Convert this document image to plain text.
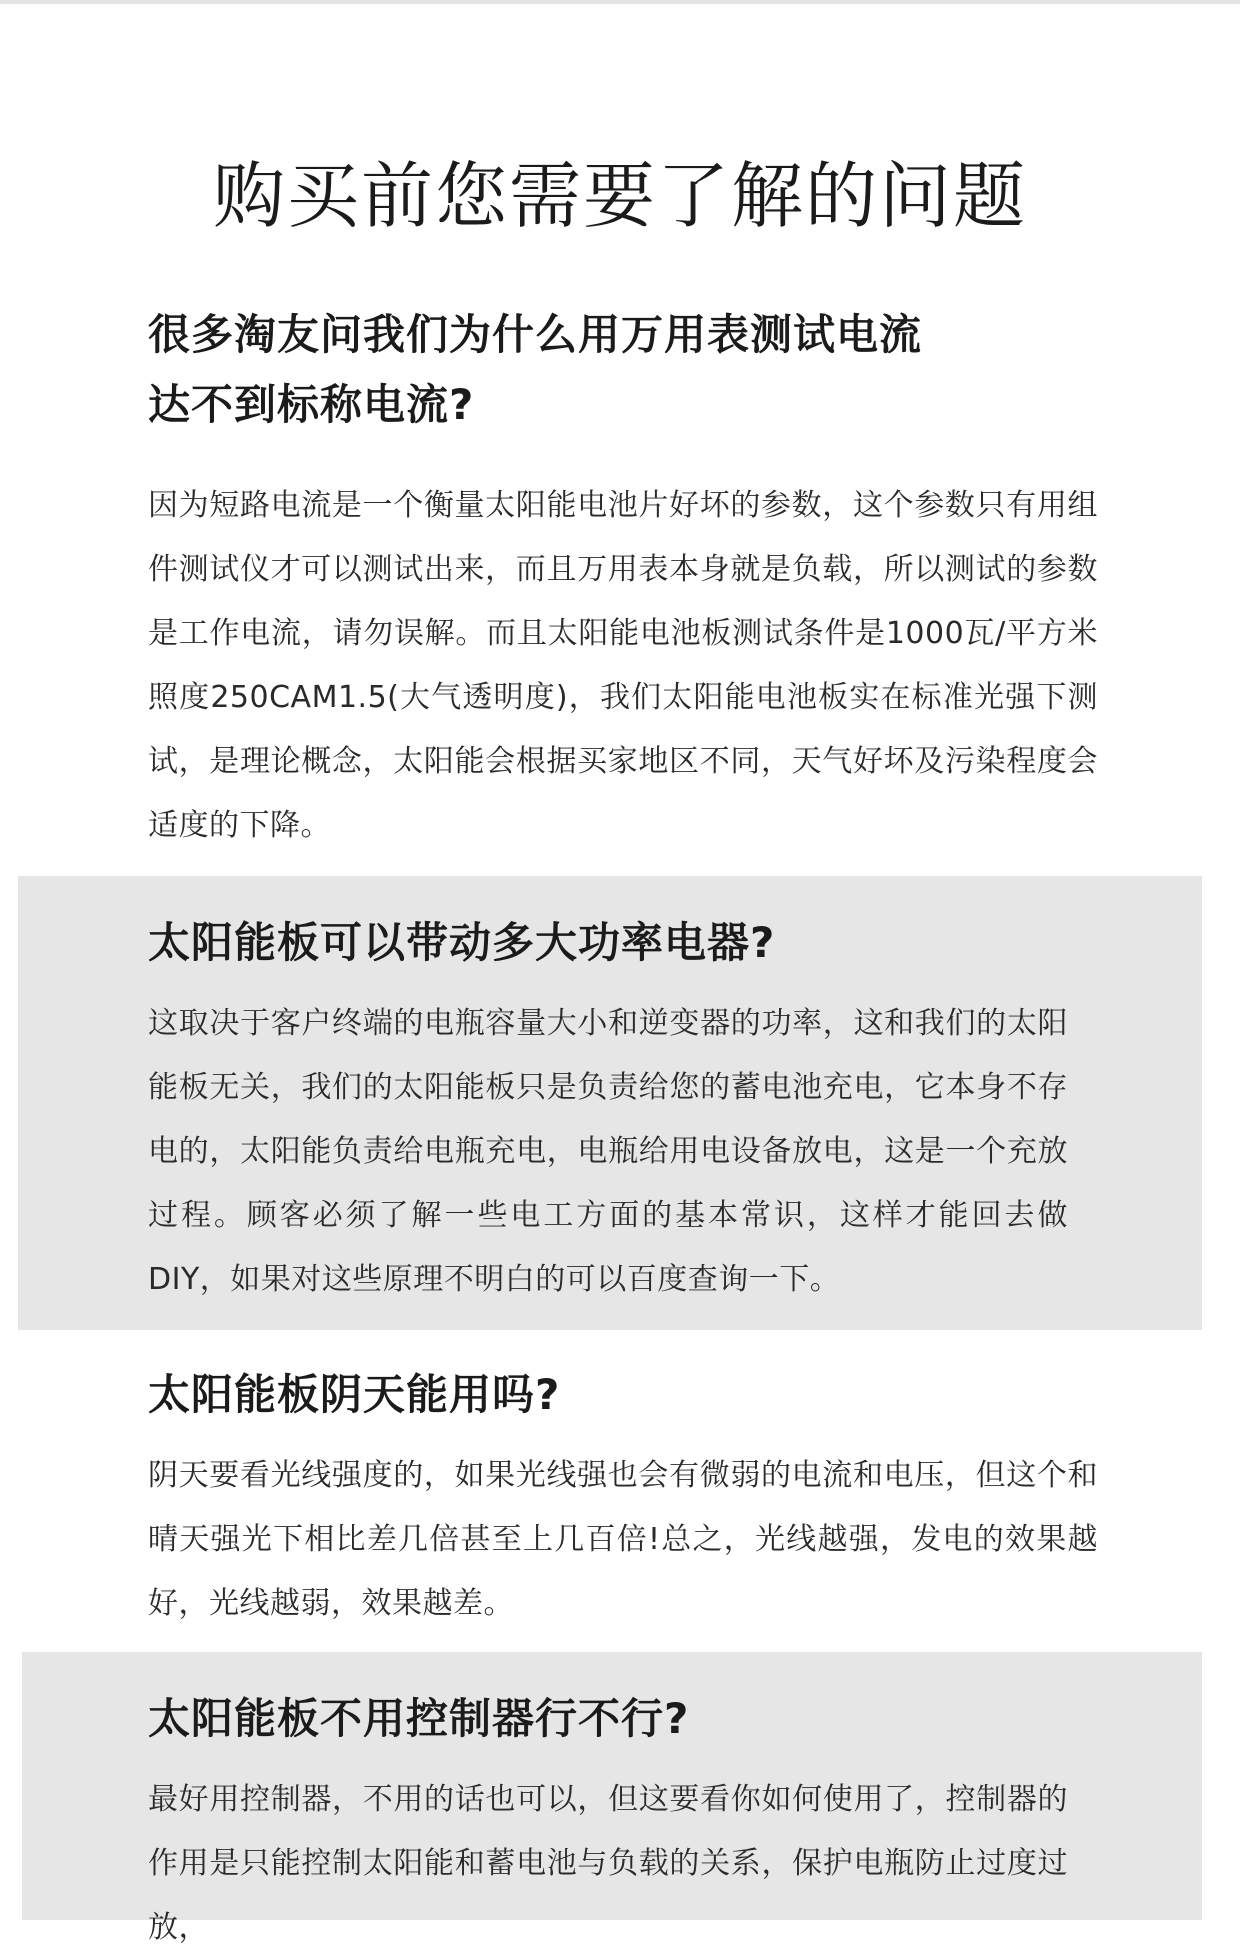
购买前您需要了解的问题
很多淘友问我们为什么用万用表测试电流
达不到标称电流?

因为短路电流是一个衡量太阳能电池片好坏的参数，这个参数只有用组件测试仪才可以测试出来，而且万用表本身就是负载，所以测试的参数是工作电流，请勿误解。而且太阳能电池板测试条件是1000瓦/平方米照度250CAM1.5(大气透明度)，我们太阳能电池板实在标准光强下测试，是理论概念，太阳能会根据买家地区不同，天气好坏及污染程度会适度的下降。

太阳能板可以带动多大功率电器?

这取决于客户终端的电瓶容量大小和逆变器的功率，这和我们的太阳能板无关，我们的太阳能板只是负责给您的蓄电池充电，它本身不存电的，太阳能负责给电瓶充电，电瓶给用电设备放电，这是一个充放过程。顾客必须了解一些电工方面的基本常识，这样才能回去做DIY，如果对这些原理不明白的可以百度查询一下。

太阳能板阴天能用吗?

阴天要看光线强度的，如果光线强也会有微弱的电流和电压，但这个和晴天强光下相比差几倍甚至上几百倍!总之，光线越强，发电的效果越好，光线越弱，效果越差。

太阳能板不用控制器行不行?

最好用控制器，不用的话也可以，但这要看你如何使用了，控制器的作用是只能控制太阳能和蓄电池与负载的关系，保护电瓶防止过度过放，
